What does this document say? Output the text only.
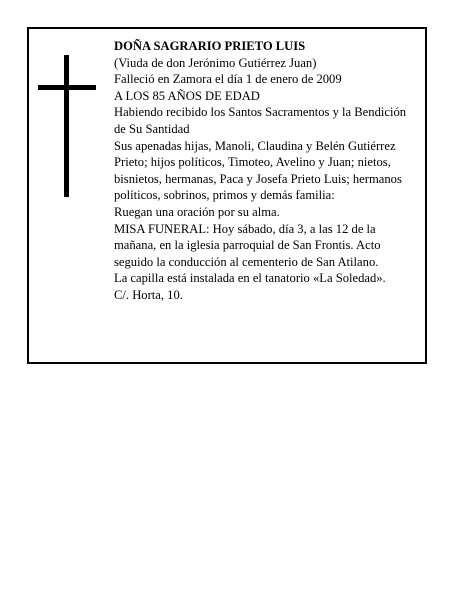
DOÑA SAGRARIO PRIETO LUIS

(Viuda de don Jerónimo Gutiérrez Juan)

Falleció en Zamora el día 1 de enero de 2009

A LOS 85 AÑOS DE EDAD

Habiendo recibido los Santos Sacramentos y la Bendición de Su Santidad

Sus apenadas hijas, Manoli, Claudina y Belén Gutiérrez Prieto; hijos políticos, Timoteo, Avelino y Juan; nietos, bisnietos, hermanas, Paca y Josefa Prieto Luis; hermanos políticos, sobrinos, primos y demás familia:

Ruegan una oración por su alma.

MISA FUNERAL: Hoy sábado, día 3, a las 12 de la mañana, en la iglesia parroquial de San Frontis. Acto seguido la conducción al cementerio de San Atilano.

La capilla está instalada en el tanatorio «La Soledad».

C/. Horta, 10.
